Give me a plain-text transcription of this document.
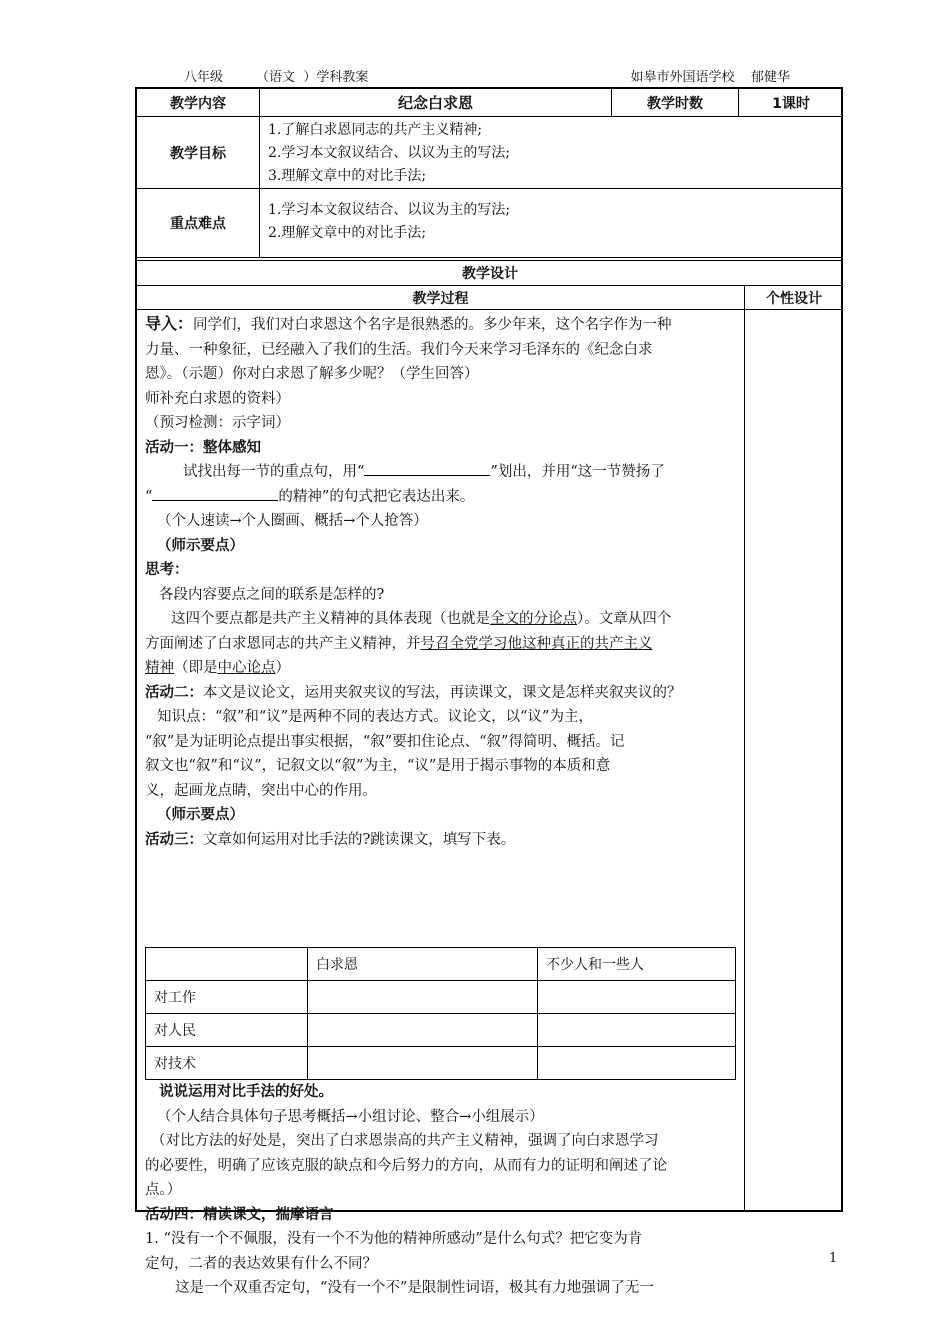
八年级        （语文  ）学科教案	如皋市外国语学校    郁健华
教学内容	纪念白求恩	教学时数	1课时
教学目标
1.了解白求恩同志的共产主义精神;
2.学习本文叙议结合、以议为主的写法;
3.理解文章中的对比手法;
重点难点
1.学习本文叙议结合、以议为主的写法;
2.理解文章中的对比手法;
教学设计
教学过程	个性设计

导入：同学们，我们对白求恩这个名字是很熟悉的。多少年来，这个名字作为一种

力量、一种象征，已经融入了我们的生活。我们今天来学习毛泽东的《纪念白求

恩》。（示题）你对白求恩了解多少呢？（学生回答）

师补充白求恩的资料）

（预习检测：示字词）

活动一：整体感知

试找出每一节的重点句，用“	”划出，并用“这一节赞扬了

“	的精神”的句式把它表达出来。

（个人速读→个人圈画、概括→个人抢答）

（师示要点）

思考：

各段内容要点之间的联系是怎样的?

这四个要点都是共产主义精神的具体表现（也就是全文的分论点）。文章从四个

方面阐述了白求恩同志的共产主义精神，并号召全党学习他这种真正的共产主义

精神（即是中心论点）

活动二：本文是议论文，运用夹叙夹议的写法，再读课文，课文是怎样夹叙夹议的？

知识点：“叙”和“议”是两种不同的表达方式。议论文，以“议”为主，

“叙”是为证明论点提出事实根据，“叙”要扣住论点、“叙”得简明、概括。记

叙文也“叙”和“议”，记叙文以“叙”为主，“议”是用于揭示事物的本质和意

义，起画龙点睛，突出中心的作用。

（师示要点）

活动三：文章如何运用对比手法的?跳读课文，填写下表。

	白求恩	不少人和一些人
对工作		
对人民		
对技术		

说说运用对比手法的好处。

（个人结合具体句子思考概括→小组讨论、整合→小组展示）

（对比方法的好处是，突出了白求恩崇高的共产主义精神，强调了向白求恩学习

的必要性，明确了应该克服的缺点和今后努力的方向，从而有力的证明和阐述了论

点。）

活动四：精读课文，揣摩语言

1. “没有一个不佩服，没有一个不为他的精神所感动”是什么句式？把它变为肯

定句，二者的表达效果有什么不同？

这是一个双重否定句，“没有一个不”是限制性词语，极其有力地强调了无一

1
